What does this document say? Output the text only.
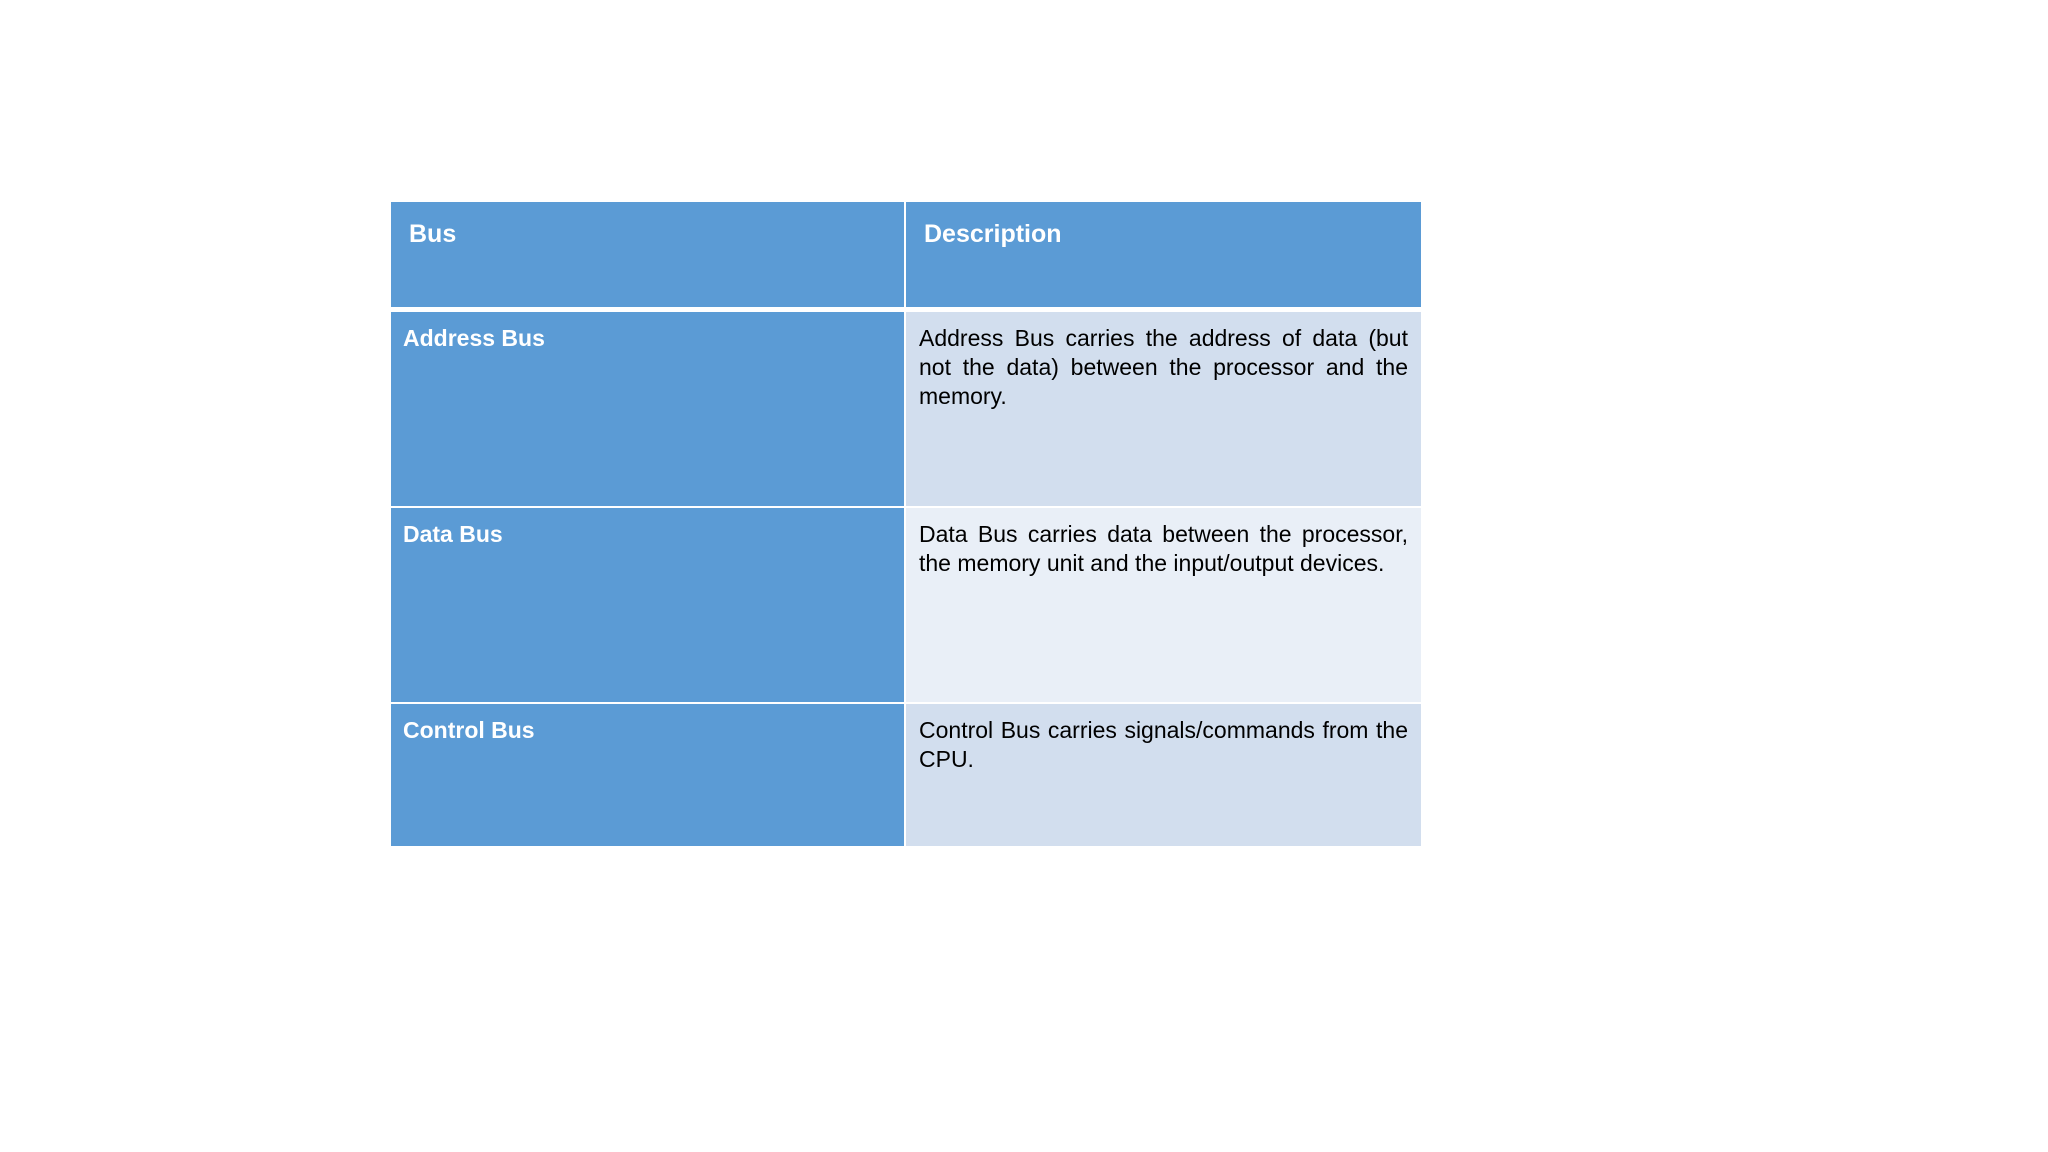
Bus	Description
Address Bus	Address Bus carries the address of data (but not the data) between the processor and the memory.
Data Bus	Data Bus carries data between the processor, the memory unit and the input/output devices.
Control Bus	Control Bus carries signals/commands from the CPU.
